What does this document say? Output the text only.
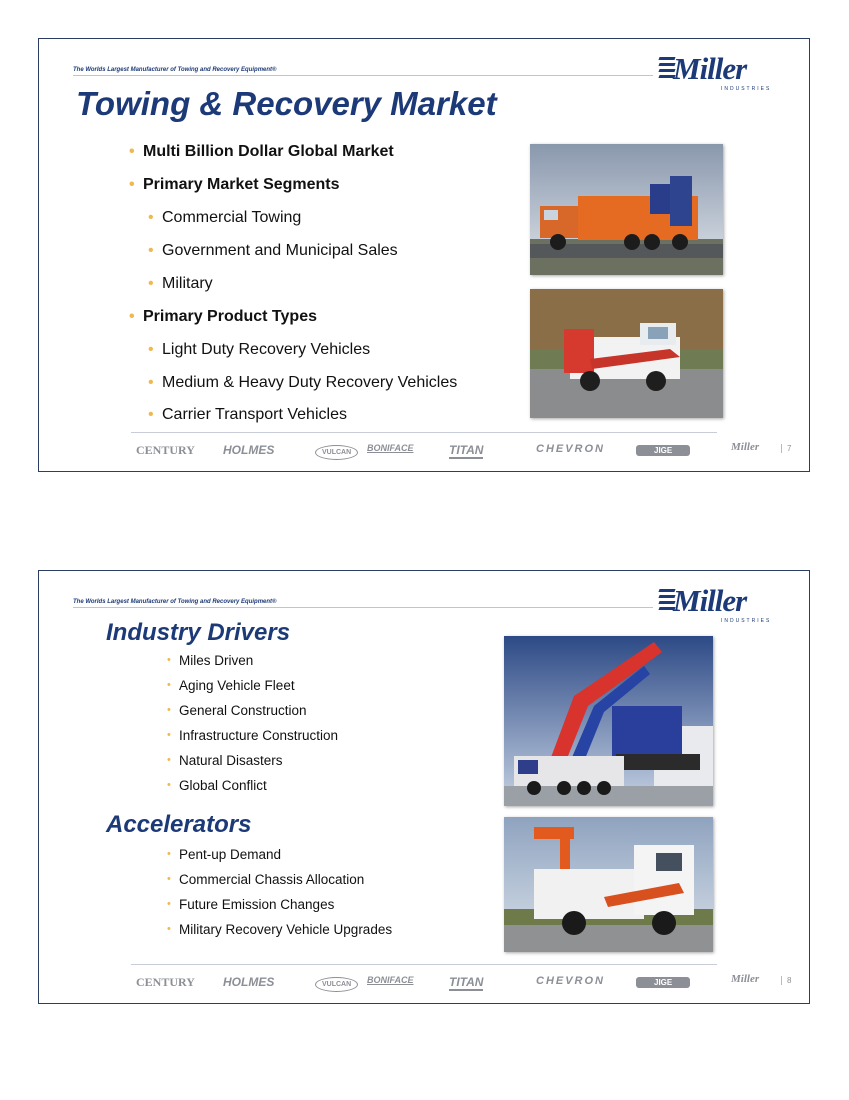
The Worlds Largest Manufacturer of Towing and Recovery Equipment®	Miller
INDUSTRIES
Towing & Recovery Market
• Multi Billion Dollar Global Market
• Primary Market Segments
• Commercial Towing
• Government and Municipal Sales
• Military
• Primary Product Types
• Light Duty Recovery Vehicles
• Medium & Heavy Duty Recovery Vehicles
• Carrier Transport Vehicles
CENTURY HOLMES	VULCAN	BONIFACE	TITAN	CHEVRON	JIGE	Miller	7
The Worlds Largest Manufacturer of Towing and Recovery Equipment®	Miller
INDUSTRIES
Industry Drivers
• Miles Driven
• Aging Vehicle Fleet
• General Construction
• Infrastructure Construction
• Natural Disasters
• Global Conflict
Accelerators
• Pent-up Demand
• Commercial Chassis Allocation
• Future Emission Changes
• Military Recovery Vehicle Upgrades
CENTURY HOLMES	VULCAN	BONIFACE	TITAN	CHEVRON	JIGE	Miller	8
